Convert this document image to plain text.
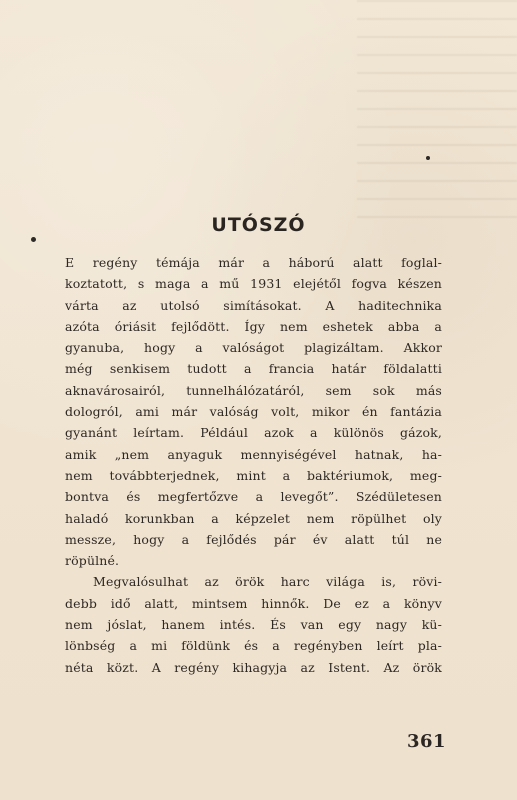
UTÓSZÓ
E regény témája már a háború alatt foglal-
koztatott, s maga a mű 1931 elejétől fogva készen
várta az utolsó simításokat. A haditechnika
azóta óriásit fejlődött. Így nem eshetek abba a
gyanuba, hogy a valóságot plagizáltam. Akkor
még senkisem tudott a francia határ földalatti
aknavárosairól, tunnelhálózatáról, sem sok más
dologról, ami már valóság volt, mikor én fantázia
gyanánt leírtam. Például azok a különös gázok,
amik „nem anyaguk mennyiségével hatnak, ha-
nem továbbterjednek, mint a baktériumok, meg-
bontva és megfertőzve a levegőt”. Szédületesen
haladó korunkban a képzelet nem röpülhet oly
messze, hogy a fejlődés pár év alatt túl ne
röpülné.
Megvalósulhat az örök harc világa is, rövi-
debb idő alatt, mintsem hinnők. De ez a könyv
nem jóslat, hanem intés. És van egy nagy kü-
lönbség a mi földünk és a regényben leírt pla-
néta közt. A regény kihagyja az Istent. Az örök
361
